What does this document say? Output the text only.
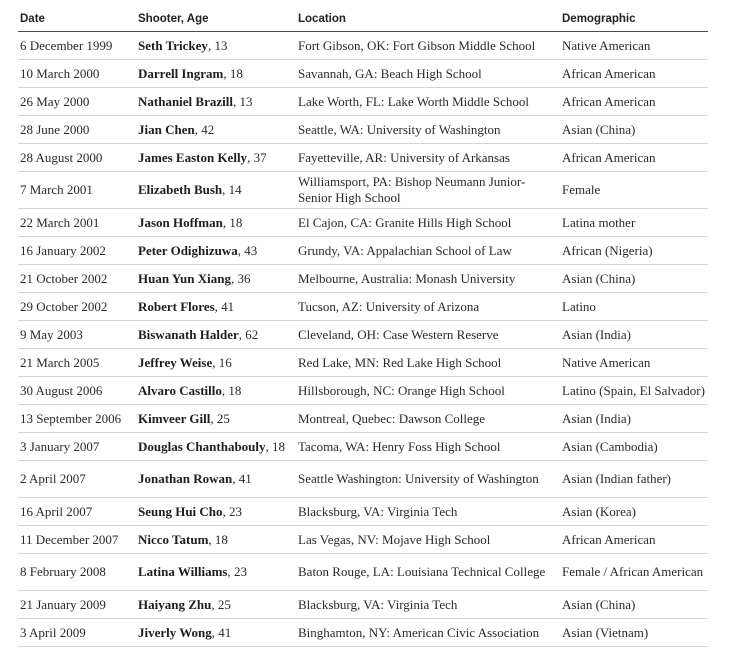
Date	Shooter, Age	Location	Demographic
6 December 1999	Seth Trickey, 13	Fort Gibson, OK: Fort Gibson Middle School	Native American
10 March 2000	Darrell Ingram, 18	Savannah, GA: Beach High School	African American
26 May 2000	Nathaniel Brazill, 13	Lake Worth, FL: Lake Worth Middle School	African American
28 June 2000	Jian Chen, 42	Seattle, WA: University of Washington	Asian (China)
28 August 2000	James Easton Kelly, 37	Fayetteville, AR: University of Arkansas	African American
7 March 2001	Elizabeth Bush, 14	Williamsport, PA: Bishop Neumann Junior-Senior High School	Female
22 March 2001	Jason Hoffman, 18	El Cajon, CA: Granite Hills High School	Latina mother
16 January 2002	Peter Odighizuwa, 43	Grundy, VA: Appalachian School of Law	African (Nigeria)
21 October 2002	Huan Yun Xiang, 36	Melbourne, Australia: Monash University	Asian (China)
29 October 2002	Robert Flores, 41	Tucson, AZ: University of Arizona	Latino
9 May 2003	Biswanath Halder, 62	Cleveland, OH: Case Western Reserve	Asian (India)
21 March 2005	Jeffrey Weise, 16	Red Lake, MN: Red Lake High School	Native American
30 August 2006	Alvaro Castillo, 18	Hillsborough, NC: Orange High School	Latino (Spain, El Salvador)
13 September 2006	Kimveer Gill, 25	Montreal, Quebec: Dawson College	Asian (India)
3 January 2007	Douglas Chanthabouly, 18	Tacoma, WA: Henry Foss High School	Asian (Cambodia)
2 April 2007	Jonathan Rowan, 41	Seattle Washington: University of Washington	Asian (Indian father)
16 April 2007	Seung Hui Cho, 23	Blacksburg, VA: Virginia Tech	Asian (Korea)
11 December 2007	Nicco Tatum, 18	Las Vegas, NV: Mojave High School	African American
8 February 2008	Latina Williams, 23	Baton Rouge, LA: Louisiana Technical College	Female / African American
21 January 2009	Haiyang Zhu, 25	Blacksburg, VA: Virginia Tech	Asian (China)
3 April 2009	Jiverly Wong, 41	Binghamton, NY: American Civic Association	Asian (Vietnam)
